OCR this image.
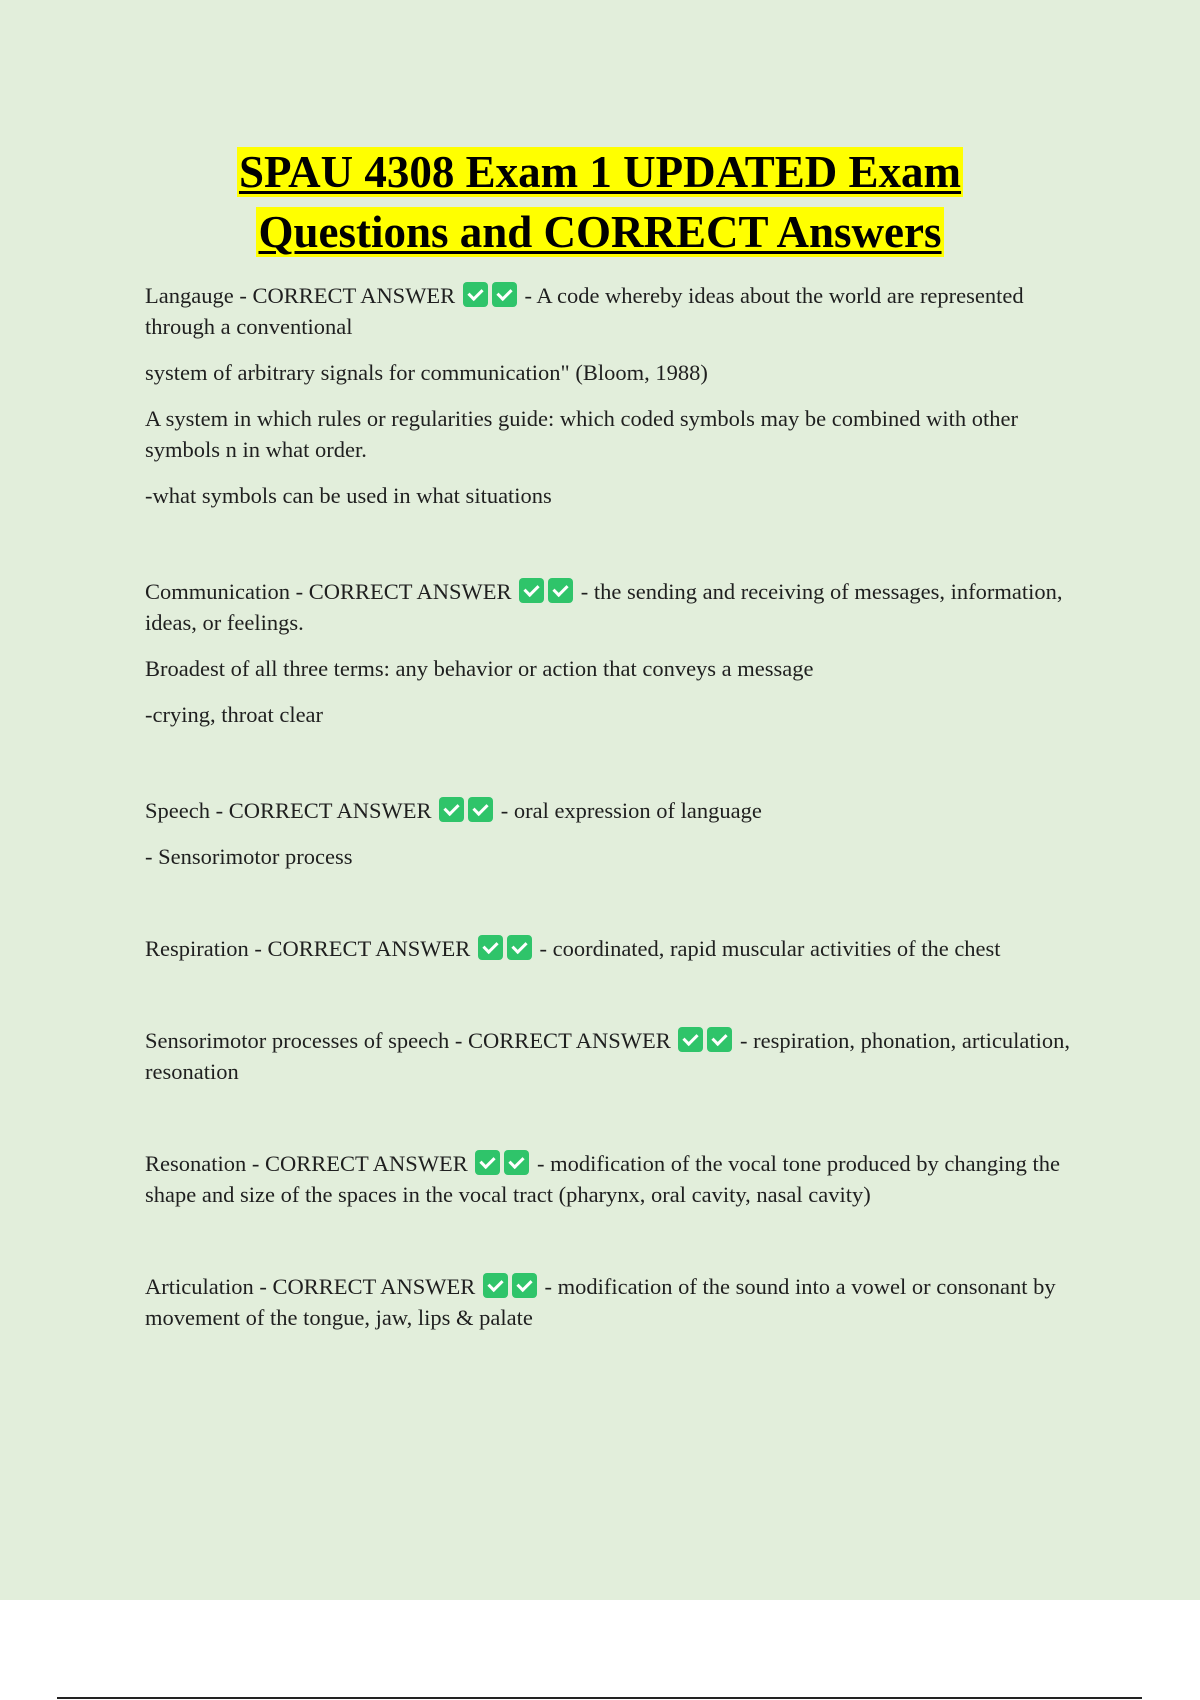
SPAU 4308 Exam 1 UPDATED Exam
Questions and CORRECT Answers

Langauge - CORRECT ANSWER	- A code whereby ideas about the world are represented through a conventional

system of arbitrary signals for communication" (Bloom, 1988)

A system in which rules or regularities guide: which coded symbols may be combined with other symbols n in what order.

-what symbols can be used in what situations

Communication - CORRECT ANSWER	- the sending and receiving of messages, information, ideas, or feelings.

Broadest of all three terms: any behavior or action that conveys a message

-crying, throat clear

Speech - CORRECT ANSWER	- oral expression of language

- Sensorimotor process

Respiration - CORRECT ANSWER	- coordinated, rapid muscular activities of the chest

Sensorimotor processes of speech - CORRECT ANSWER	- respiration, phonation, articulation, resonation

Resonation - CORRECT ANSWER	- modification of the vocal tone produced by changing the shape and size of the spaces in the vocal tract (pharynx, oral cavity, nasal cavity)

Articulation - CORRECT ANSWER	- modification of the sound into a vowel or consonant by movement of the tongue, jaw, lips & palate
